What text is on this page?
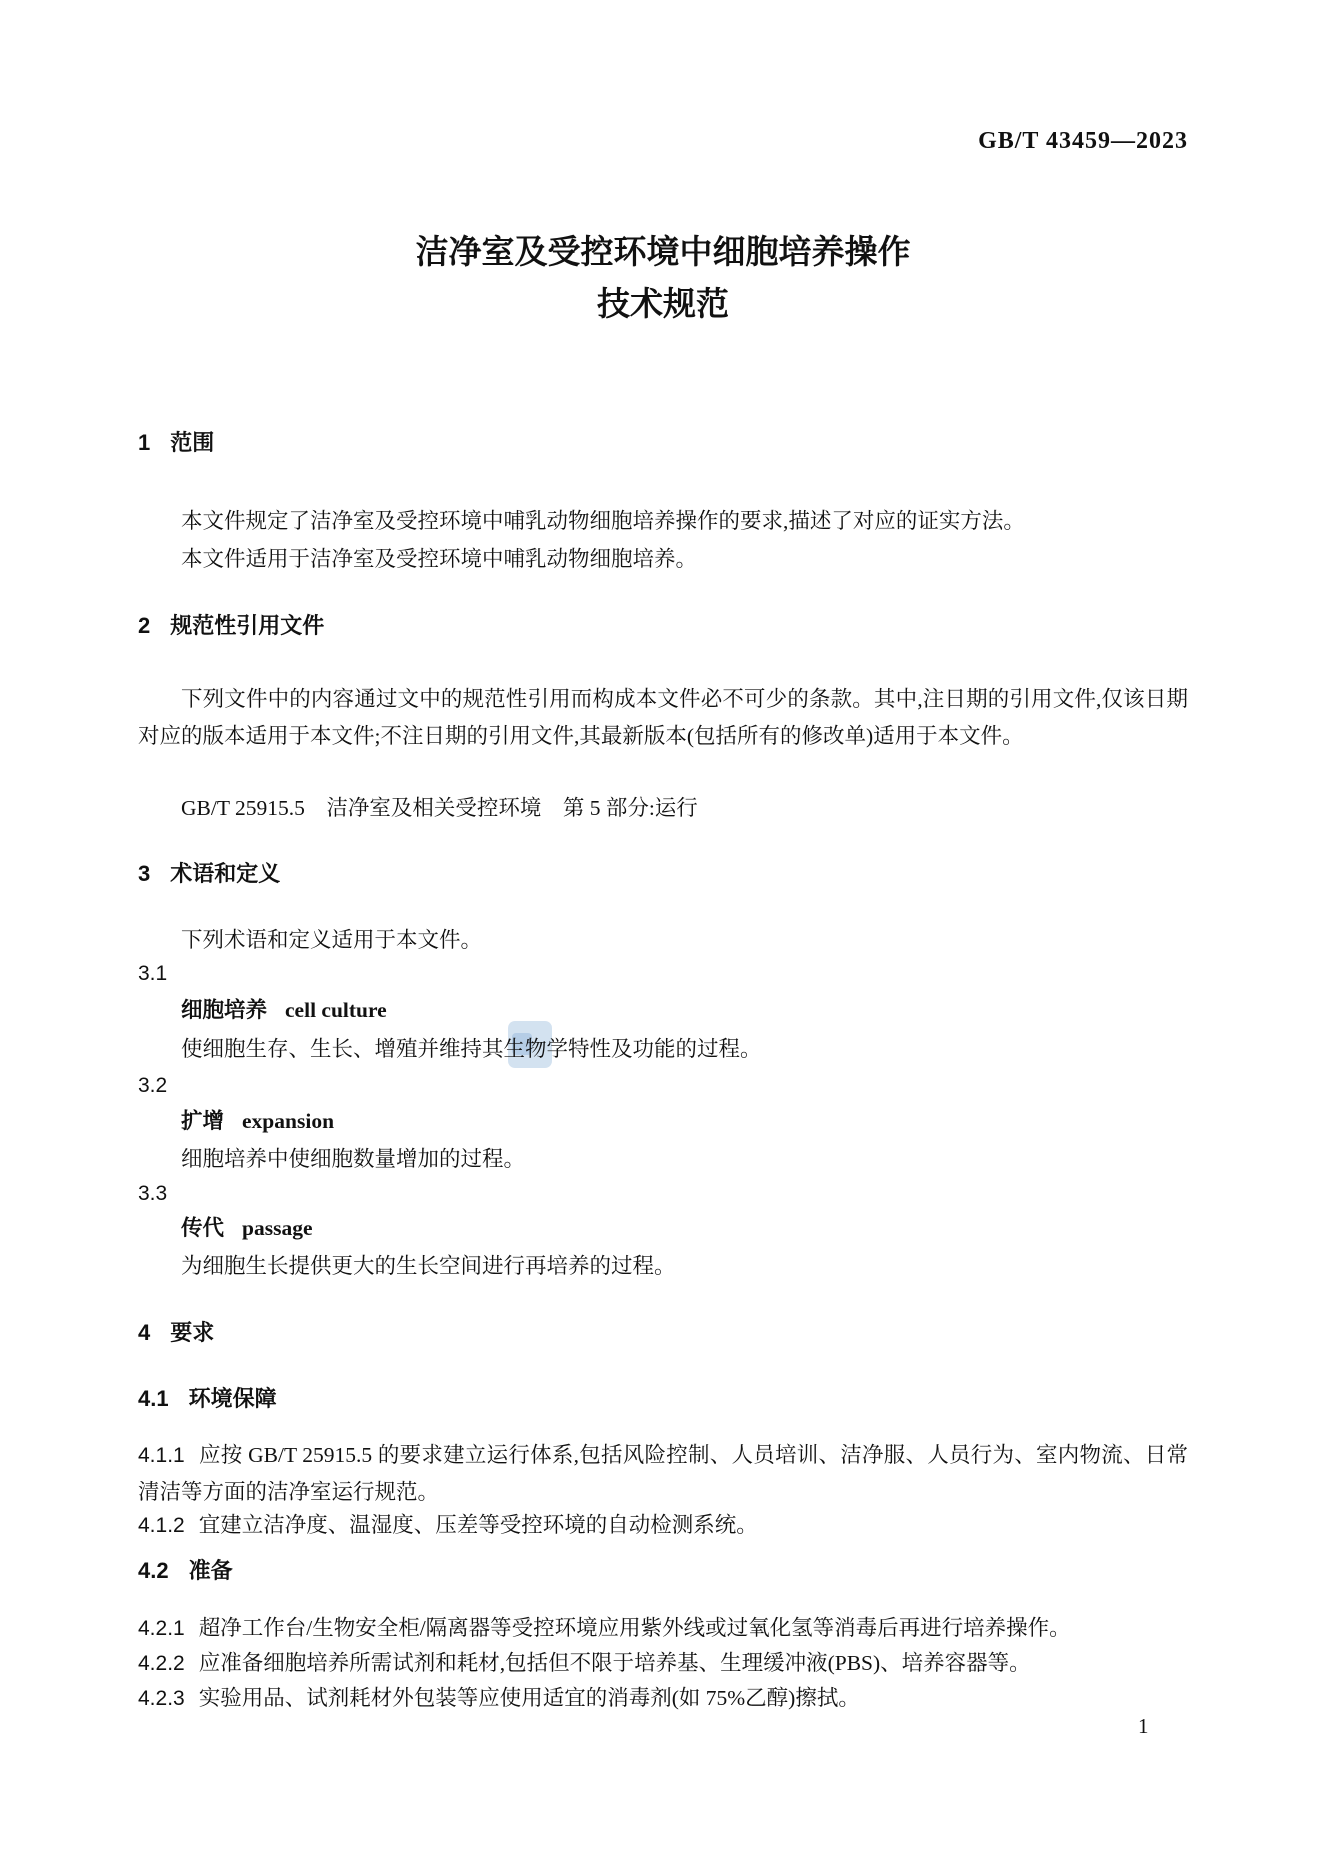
GB/T 43459—2023
洁净室及受控环境中细胞培养操作
技术规范
1 范围
本文件规定了洁净室及受控环境中哺乳动物细胞培养操作的要求,描述了对应的证实方法。
本文件适用于洁净室及受控环境中哺乳动物细胞培养。
2 规范性引用文件
下列文件中的内容通过文中的规范性引用而构成本文件必不可少的条款。其中,注日期的引用文件,仅该日期对应的版本适用于本文件;不注日期的引用文件,其最新版本(包括所有的修改单)适用于本文件。
GB/T 25915.5　洁净室及相关受控环境　第 5 部分:运行
3 术语和定义
下列术语和定义适用于本文件。
3.1
细胞培养 cell culture
使细胞生存、生长、增殖并维持其生物学特性及功能的过程。
3.2
扩增 expansion
细胞培养中使细胞数量增加的过程。
3.3
传代 passage
为细胞生长提供更大的生长空间进行再培养的过程。
4 要求
4.1 环境保障
4.1.1 应按 GB/T 25915.5 的要求建立运行体系,包括风险控制、人员培训、洁净服、人员行为、室内物流、日常清洁等方面的洁净室运行规范。
4.1.2 宜建立洁净度、温湿度、压差等受控环境的自动检测系统。
4.2 准备
4.2.1 超净工作台/生物安全柜/隔离器等受控环境应用紫外线或过氧化氢等消毒后再进行培养操作。
4.2.2 应准备细胞培养所需试剂和耗材,包括但不限于培养基、生理缓冲液(PBS)、培养容器等。
4.2.3 实验用品、试剂耗材外包装等应使用适宜的消毒剂(如 75%乙醇)擦拭。
1
